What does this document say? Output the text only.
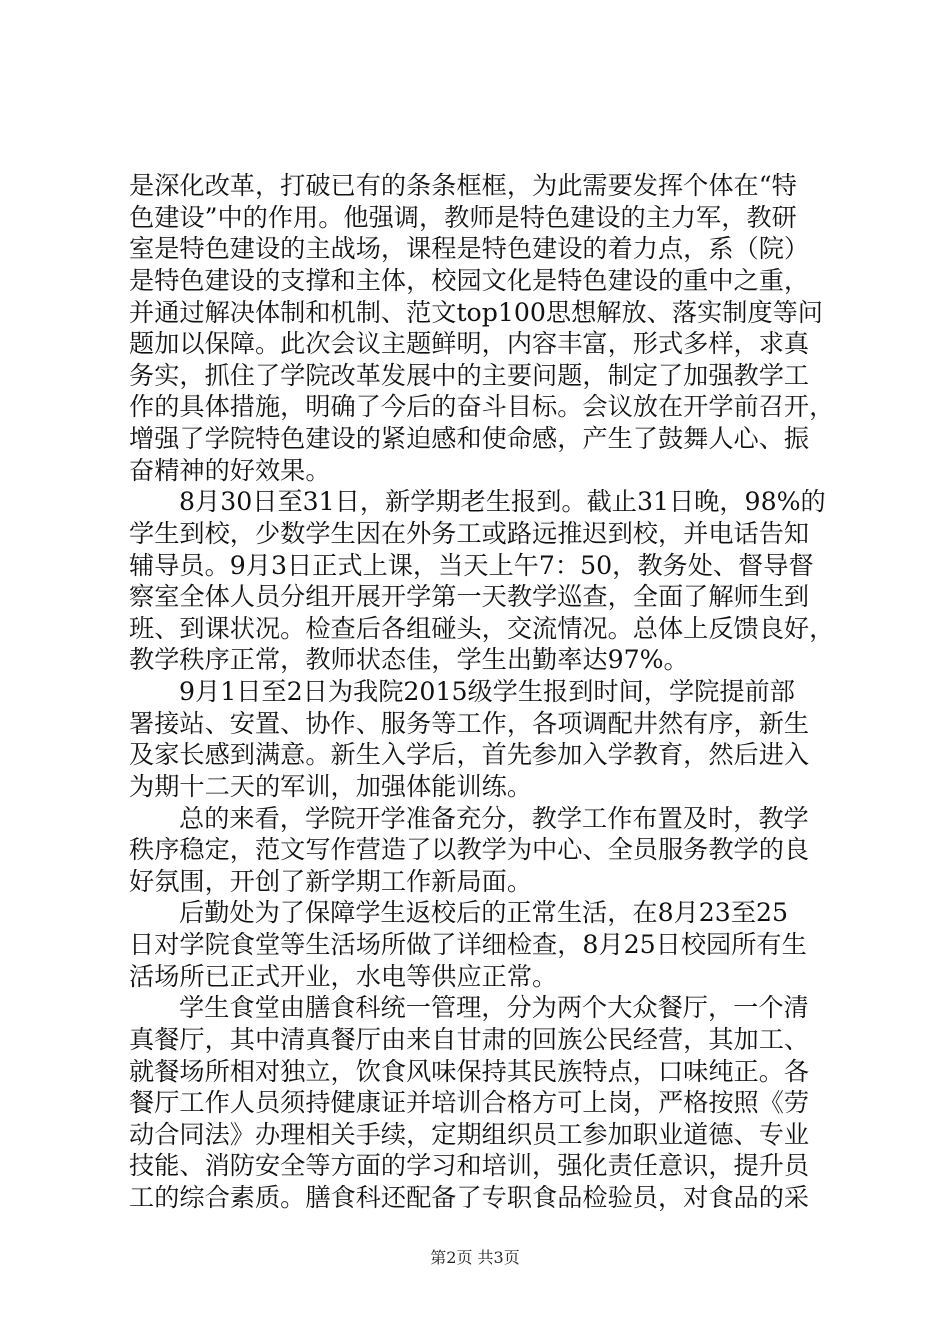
是深化改革，打破已有的条条框框，为此需要发挥个体在“特
色建设”中的作用。他强调，教师是特色建设的主力军，教研
室是特色建设的主战场，课程是特色建设的着力点，系（院）
是特色建设的支撑和主体，校园文化是特色建设的重中之重，
并通过解决体制和机制、范文top100思想解放、落实制度等问
题加以保障。此次会议主题鲜明，内容丰富，形式多样，求真
务实，抓住了学院改革发展中的主要问题，制定了加强教学工
作的具体措施，明确了今后的奋斗目标。会议放在开学前召开，
增强了学院特色建设的紧迫感和使命感，产生了鼓舞人心、振
奋精神的好效果。
8月30日至31日，新学期老生报到。截止31日晚，98%的
学生到校，少数学生因在外务工或路远推迟到校，并电话告知
辅导员。9月3日正式上课，当天上午7：50，教务处、督导督
察室全体人员分组开展开学第一天教学巡查，全面了解师生到
班、到课状况。检查后各组碰头，交流情况。总体上反馈良好，
教学秩序正常，教师状态佳，学生出勤率达97%。
9月1日至2日为我院2015级学生报到时间，学院提前部
署接站、安置、协作、服务等工作，各项调配井然有序，新生
及家长感到满意。新生入学后，首先参加入学教育，然后进入
为期十二天的军训，加强体能训练。
总的来看，学院开学准备充分，教学工作布置及时，教学
秩序稳定，范文写作营造了以教学为中心、全员服务教学的良
好氛围，开创了新学期工作新局面。
后勤处为了保障学生返校后的正常生活，在8月23至25
日对学院食堂等生活场所做了详细检查，8月25日校园所有生
活场所已正式开业，水电等供应正常。
学生食堂由膳食科统一管理，分为两个大众餐厅，一个清
真餐厅，其中清真餐厅由来自甘肃的回族公民经营，其加工、
就餐场所相对独立，饮食风味保持其民族特点，口味纯正。各
餐厅工作人员须持健康证并培训合格方可上岗，严格按照《劳
动合同法》办理相关手续，定期组织员工参加职业道德、专业
技能、消防安全等方面的学习和培训，强化责任意识，提升员
工的综合素质。膳食科还配备了专职食品检验员，对食品的采
第2页 共3页
